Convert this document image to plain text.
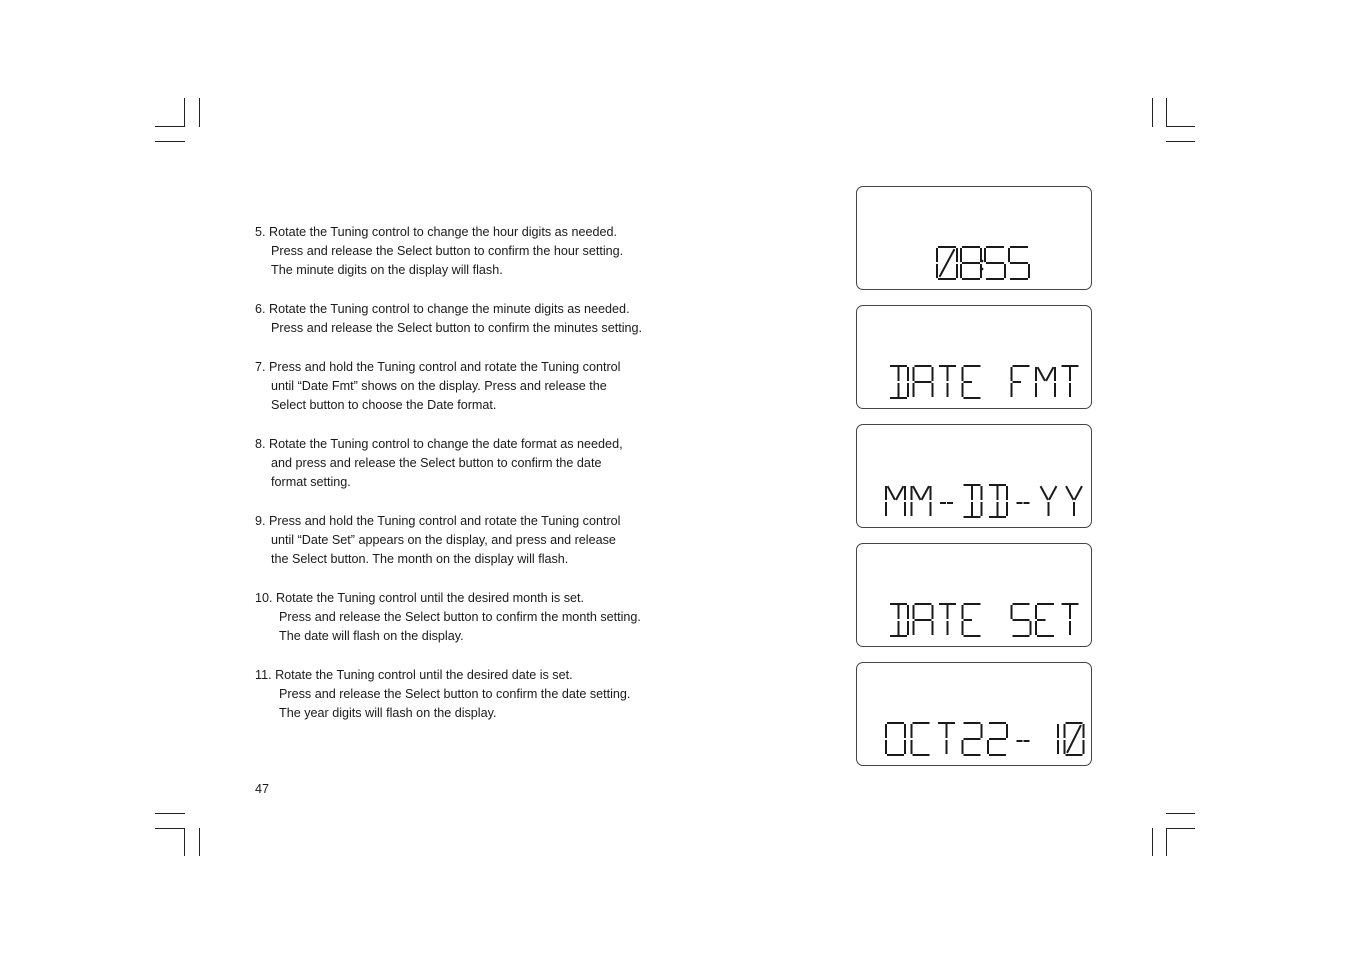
5. Rotate the Tuning control to change the hour digits as needed.
Press and release the Select button to confirm the hour setting.
The minute digits on the display will flash.
6. Rotate the Tuning control to change the minute digits as needed.
Press and release the Select button to confirm the minutes setting.
7. Press and hold the Tuning control and rotate the Tuning control
until “Date Fmt” shows on the display. Press and release the
Select button to choose the Date format.
8. Rotate the Tuning control to change the date format as needed,
and press and release the Select button to confirm the date
format setting.
9. Press and hold the Tuning control and rotate the Tuning control
until “Date Set” appears on the display, and press and release
the Select button. The month on the display will flash.
10. Rotate the Tuning control until the desired month is set.
Press and release the Select button to confirm the month setting.
The date will flash on the display.
11. Rotate the Tuning control until the desired date is set.
Press and release the Select button to confirm the date setting.
The year digits will flash on the display.
47
